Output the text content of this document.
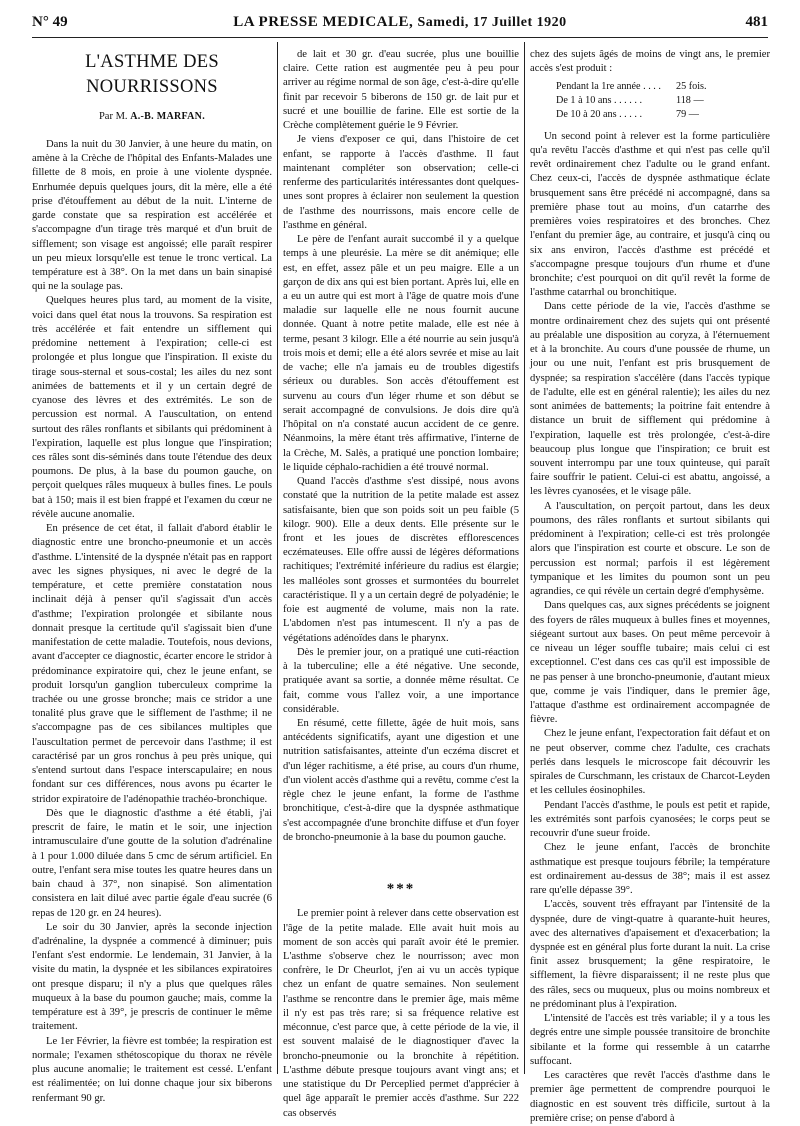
N° 49	LA PRESSE MEDICALE, Samedi, 17 Juillet 1920	481

L'ASTHME DES NOURRISSONS

Par M. A.-B. MARFAN.

Dans la nuit du 30 Janvier, à une heure du matin, on amène à la Crèche de l'hôpital des Enfants-Malades une fillette de 8 mois, en proie à une violente dyspnée. Enrhumée depuis quelques jours, dit la mère, elle a été prise d'étouffement au début de la nuit. L'interne de garde constate que sa respiration est accélérée et s'accompagne d'un tirage très marqué et d'un bruit de sifflement; son visage est angoissé; elle paraît respirer un peu mieux lorsqu'elle est tenue le tronc vertical. La température est à 38°. On la met dans un bain sinapisé qui ne la soulage pas.

Quelques heures plus tard, au moment de la visite, voici dans quel état nous la trouvons. Sa respiration est très accélérée et fait entendre un sifflement qui prédomine nettement à l'expiration; celle-ci est prolongée et plus longue que l'inspiration. Il existe du tirage sous-sternal et sous-costal; les ailes du nez sont animées de battements et il y un certain degré de cyanose des lèvres et des extrémités. Le son de percussion est normal. A l'auscultation, on entend surtout des râles ronflants et sibilants qui prédominent à l'expiration, laquelle est plus longue que l'inspiration; ces râles sont dis-séminés dans toute l'étendue des deux poumons. De plus, à la base du poumon gauche, on perçoit quelques râles muqueux à bulles fines. Le pouls bat à 150; mais il est bien frappé et l'examen du cœur ne révèle aucune anomalie.

En présence de cet état, il fallait d'abord établir le diagnostic entre une broncho-pneumonie et un accès d'asthme. L'intensité de la dyspnée n'était pas en rapport avec les signes physiques, ni avec le degré de la température, et cette première constatation nous inclinait déjà à penser qu'il s'agissait d'un accès d'asthme; l'expiration prolongée et sibilante nous donnait presque la certitude qu'il s'agissait bien d'une manifestation de cette maladie. Toutefois, nous devions, avant d'accepter ce diagnostic, écarter encore le stridor à prédominance expiratoire qui, chez le jeune enfant, se produit lorsqu'un ganglion tuberculeux comprime la trachée ou une grosse bronche; mais ce stridor a une tonalité plus grave que le sifflement de l'asthme; il ne s'accompagne pas de ces sibilances multiples que l'auscultation permet de percevoir dans l'asthme; il est caractérisé par un gros ronchus à peu près unique, qui s'entend surtout dans l'espace interscapulaire; en nous fondant sur ces différences, nous avons pu écarter le stridor expiratoire de l'adénopathie trachéo-bronchique.

Dès que le diagnostic d'asthme a été établi, j'ai prescrit de faire, le matin et le soir, une injection intramusculaire d'une goutte de la solution d'adrénaline à 1 pour 1.000 diluée dans 5 cmc de sérum artificiel. En outre, l'enfant sera mise toutes les quatre heures dans un bain chaud à 37°, non sinapisé. Son alimentation consistera en lait dilué avec partie égale d'eau sucrée (6 repas de 120 gr. en 24 heures).

Le soir du 30 Janvier, après la seconde injection d'adrénaline, la dyspnée a commencé à diminuer; puis l'enfant s'est endormie. Le lendemain, 31 Janvier, à la visite du matin, la dyspnée et les sibilances expiratoires ont presque disparu; il n'y a plus que quelques râles muqueux à la base du poumon gauche; mais, comme la température est à 39°, je prescris de continuer le même traitement.

Le 1er Février, la fièvre est tombée; la respiration est normale; l'examen sthétoscopique du thorax ne révèle plus aucune anomalie; le traitement est cessé. L'enfant est réalimentée; on lui donne chaque jour six biberons renfermant 90 gr.

de lait et 30 gr. d'eau sucrée, plus une bouillie claire. Cette ration est augmentée peu à peu pour arriver au régime normal de son âge, c'est-à-dire qu'elle finit par recevoir 5 biberons de 150 gr. de lait pur et sucré et une bouillie de farine. Elle est sortie de la Crèche complètement guérie le 9 Février.

Je viens d'exposer ce qui, dans l'histoire de cet enfant, se rapporte à l'accès d'asthme. Il faut maintenant compléter son observation; celle-ci renferme des particularités intéressantes dont quelques-unes sont propres à éclairer non seulement la question de l'asthme des nourrissons, mais encore celle de l'asthme en général.

Le père de l'enfant aurait succombé il y a quelque temps à une pleurésie. La mère se dit anémique; elle est, en effet, assez pâle et un peu maigre. Elle a un garçon de dix ans qui est bien portant. Après lui, elle en a eu un autre qui est mort à l'âge de quatre mois d'une maladie sur laquelle elle ne nous fournit aucune donnée. Quant à notre petite malade, elle est née à terme, pesant 3 kilogr. Elle a été nourrie au sein jusqu'à trois mois et demi; elle a été alors sevrée et mise au lait de vache; elle n'a jamais eu de troubles digestifs sérieux ou durables. Son accès d'étouffement est survenu au cours d'un léger rhume et son début se serait accompagné de convulsions. Je dois dire qu'à l'hôpital on n'a constaté aucun accident de ce genre. Néanmoins, la mère étant très affirmative, l'interne de la Crèche, M. Salès, a pratiqué une ponction lombaire; le liquide céphalo-rachidien a été trouvé normal.

Quand l'accès d'asthme s'est dissipé, nous avons constaté que la nutrition de la petite malade est assez satisfaisante, bien que son poids soit un peu faible (5 kilogr. 900). Elle a deux dents. Elle présente sur le front et les joues de discrètes efflorescences eczémateuses. Elle offre aussi de légères déformations rachitiques; l'extrémité inférieure du radius est élargie; les malléoles sont grosses et surmontées du bourrelet caractéristique. Il y a un certain degré de polyadénie; le foie est augmenté de volume, mais non la rate. L'abdomen n'est pas intumescent. Il n'y a pas de végétations adénoïdes dans le pharynx.

Dès le premier jour, on a pratiqué une cuti-réaction à la tuberculine; elle a été négative. Une seconde, pratiquée avant sa sortie, a donnée même résultat. Ce fait, comme vous l'allez voir, a une importance considérable.

En résumé, cette fillette, âgée de huit mois, sans antécédents significatifs, ayant une digestion et une nutrition satisfaisantes, atteinte d'un eczéma discret et d'un léger rachitisme, a été prise, au cours d'un rhume, d'un violent accès d'asthme qui a revêtu, comme c'est la règle chez le jeune enfant, la forme de l'asthme bronchitique, c'est-à-dire que la dyspnée asthmatique s'est accompagnée d'une bronchite diffuse et d'un foyer de broncho-pneumonie à la base du poumon gauche.

***

Le premier point à relever dans cette observation est l'âge de la petite malade. Elle avait huit mois au moment de son accès qui paraît avoir été le premier. L'asthme s'observe chez le nourrisson; avec mon confrère, le Dr Cheurlot, j'en ai vu un accès typique chez un enfant de quatre semaines. Non seulement l'asthme se rencontre dans le premier âge, mais même il n'y est pas très rare; si sa fréquence relative est méconnue, c'est parce que, à cette période de la vie, il est souvent malaisé de le diagnostiquer d'avec la broncho-pneumonie ou la bronchite à répétition. L'asthme débute presque toujours avant vingt ans; et une statistique du Dr Perceplied permet d'apprécier à quel âge apparaît le premier accès d'asthme. Sur 222 cas observés

chez des sujets âgés de moins de vingt ans, le premier accès s'est produit :

Pendant la 1re année . . . .	25 fois.
De 1 à 10 ans . . . . . .	118 —
De 10 à 20 ans . . . . .	79 —

Un second point à relever est la forme particulière qu'a revêtu l'accès d'asthme et qui n'est pas celle qu'il revêt ordinairement chez l'adulte ou le grand enfant. Chez ceux-ci, l'accès de dyspnée asthmatique éclate brusquement sans être précédé ni accompagné, dans sa première phase tout au moins, d'un catarrhe des premières voies respiratoires et des bronches. Chez l'enfant du premier âge, au contraire, et jusqu'à cinq ou six ans environ, l'accès d'asthme est précédé et s'accompagne presque toujours d'un rhume et d'une bronchite; c'est pourquoi on dit qu'il revêt la forme de l'asthme catarrhal ou bronchitique.

Dans cette période de la vie, l'accès d'asthme se montre ordinairement chez des sujets qui ont présenté au préalable une disposition au coryza, à l'éternuement et à la bronchite. Au cours d'une poussée de rhume, un jour ou une nuit, l'enfant est pris brusquement de dyspnée; sa respiration s'accélère (dans l'accès typique de l'adulte, elle est en général ralentie); les ailes du nez sont animées de battements; la poitrine fait entendre à distance un bruit de sifflement qui prédomine à l'expiration, laquelle est très prolongée, c'est-à-dire beaucoup plus longue que l'inspiration; ce bruit est souvent interrompu par une toux quinteuse, qui paraît faire souffrir le patient. Celui-ci est abattu, angoissé, a les lèvres cyanosées, et le visage pâle.

A l'auscultation, on perçoit partout, dans les deux poumons, des râles ronflants et surtout sibilants qui prédominent à l'expiration; celle-ci est très prolongée alors que l'inspiration est courte et obscure. Le son de percussion est normal; parfois il est légèrement tympanique et les limites du poumon sont un peu agrandies, ce qui révèle un certain degré d'emphysème.

Dans quelques cas, aux signes précédents se joignent des foyers de râles muqueux à bulles fines et moyennes, siégeant surtout aux bases. On peut même percevoir à ce niveau un léger souffle tubaire; mais celui ci est exceptionnel. C'est dans ces cas qu'il est impossible de ne pas penser à une broncho-pneumonie, d'autant mieux que, comme je vais l'indiquer, dans le premier âge, l'attaque d'asthme est ordinairement accompagnée de fièvre.

Chez le jeune enfant, l'expectoration fait défaut et on ne peut observer, comme chez l'adulte, ces crachats perlés dans lesquels le microscope fait découvrir les spirales de Curschmann, les cristaux de Charcot-Leyden et les cellules éosinophiles.

Pendant l'accès d'asthme, le pouls est petit et rapide, les extrémités sont parfois cyanosées; le corps peut se recouvrir d'une sueur froide.

Chez le jeune enfant, l'accès de bronchite asthmatique est presque toujours fébrile; la température est ordinairement au-dessus de 38°; mais il est assez rare qu'elle dépasse 39°.

L'accès, souvent très effrayant par l'intensité de la dyspnée, dure de vingt-quatre à quarante-huit heures, avec des alternatives d'apaisement et d'exacerbation; la dyspnée est en général plus forte durant la nuit. La crise finit assez brusquement; la gêne respiratoire, le sifflement, la fièvre disparaissent; il ne reste plus que des râles, secs ou muqueux, plus ou moins nombreux et ne prédominant plus à l'expiration.

L'intensité de l'accès est très variable; il y a tous les degrés entre une simple poussée transitoire de bronchite sibilante et la forme qui ressemble à un catarrhe suffocant.

Les caractères que revêt l'accès d'asthme dans le premier âge permettent de comprendre pourquoi le diagnostic en est souvent très difficile, surtout à la première crise; on pense d'abord à
